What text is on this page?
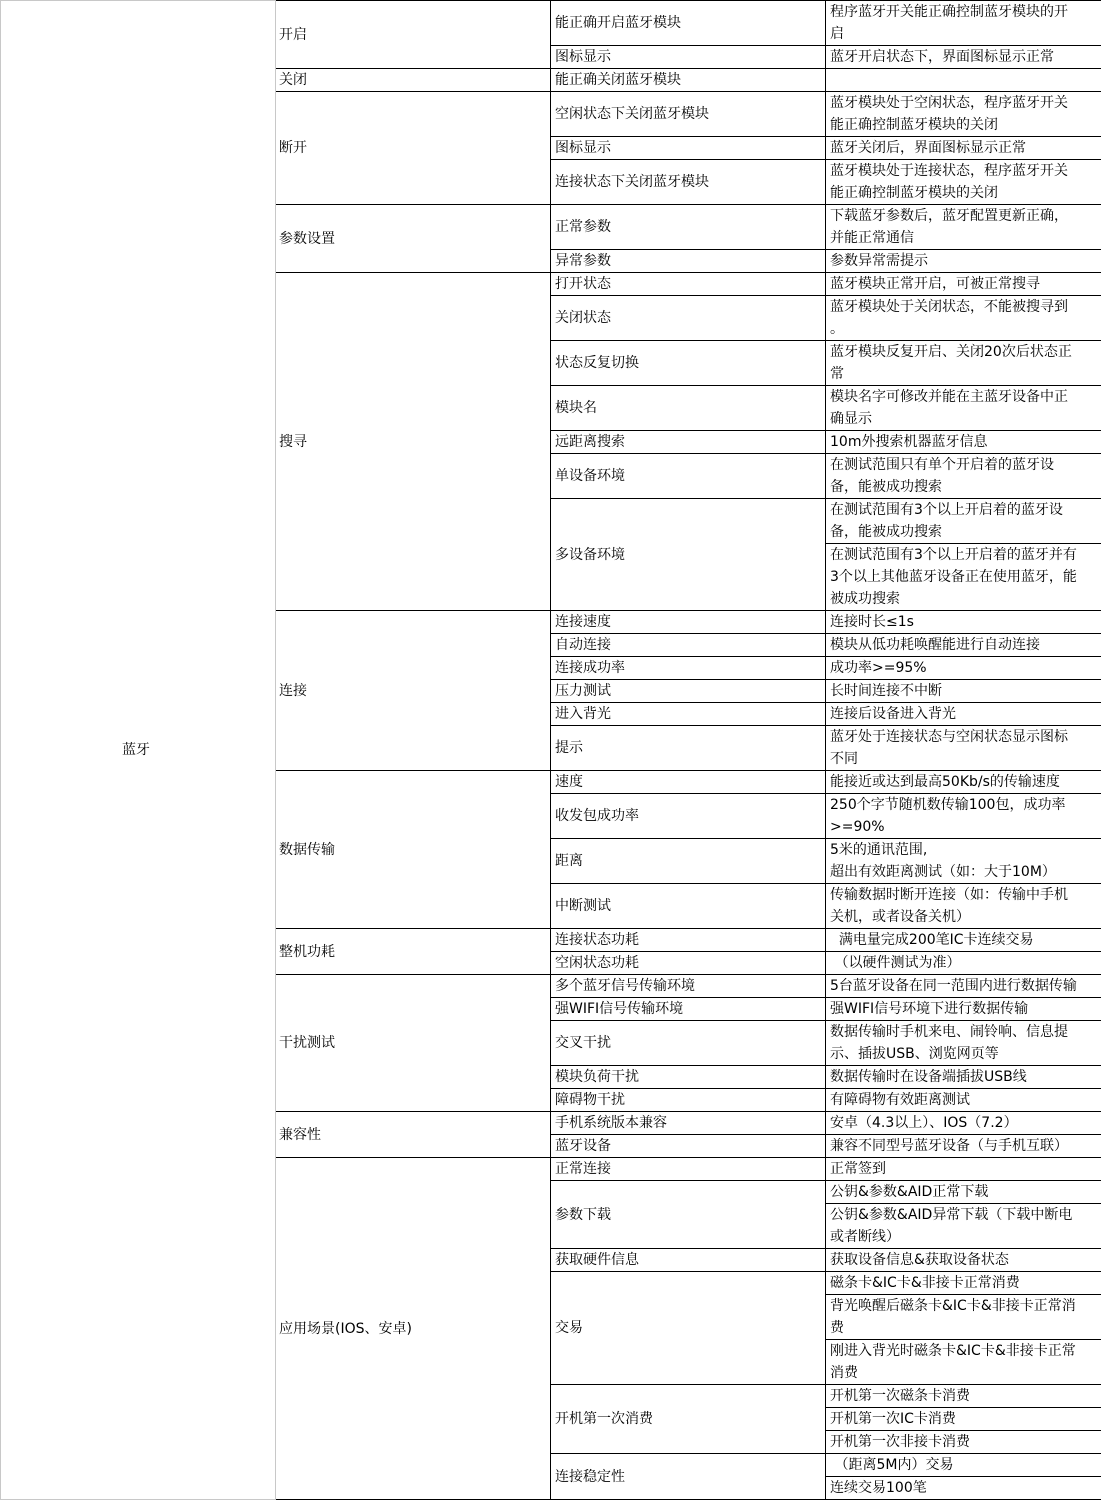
蓝牙	开启	能正确开启蓝牙模块	程序蓝牙开关能正确控制蓝牙模块的开
启
		图标显示	蓝牙开启状态下，界面图标显示正常
	关闭	能正确关闭蓝牙模块	
	断开	空闲状态下关闭蓝牙模块	蓝牙模块处于空闲状态，程序蓝牙开关
能正确控制蓝牙模块的关闭
		图标显示	蓝牙关闭后，界面图标显示正常
		连接状态下关闭蓝牙模块	蓝牙模块处于连接状态，程序蓝牙开关
能正确控制蓝牙模块的关闭
	参数设置	正常参数	下载蓝牙参数后，蓝牙配置更新正确，
并能正常通信
		异常参数	参数异常需提示
	搜寻	打开状态	蓝牙模块正常开启，可被正常搜寻
		关闭状态	蓝牙模块处于关闭状态，不能被搜寻到
。
		状态反复切换	蓝牙模块反复开启、关闭20次后状态正
常
		模块名	模块名字可修改并能在主蓝牙设备中正
确显示
		远距离搜索	10m外搜索机器蓝牙信息
		单设备环境	在测试范围只有单个开启着的蓝牙设
备，能被成功搜索
		多设备环境	在测试范围有3个以上开启着的蓝牙设
备，能被成功搜索
			在测试范围有3个以上开启着的蓝牙并有
3个以上其他蓝牙设备正在使用蓝牙，能
被成功搜索
	连接	连接速度	连接时长≤1s
		自动连接	模块从低功耗唤醒能进行自动连接
		连接成功率	成功率>=95%
		压力测试	长时间连接不中断
		进入背光	连接后设备进入背光
		提示	蓝牙处于连接状态与空闲状态显示图标
不同
	数据传输	速度	能接近或达到最高50Kb/s的传输速度
		收发包成功率	250个字节随机数传输100包，成功率
>=90%
		距离	5米的通讯范围,
超出有效距离测试（如：大于10M）
		中断测试	传输数据时断开连接（如：传输中手机
关机，或者设备关机）
	整机功耗	连接状态功耗	满电量完成200笔IC卡连续交易
		空闲状态功耗	（以硬件测试为准）
	干扰测试	多个蓝牙信号传输环境	5台蓝牙设备在同一范围内进行数据传输
		强WIFI信号传输环境	强WIFI信号环境下进行数据传输
		交叉干扰	数据传输时手机来电、闹铃响、信息提
示、插拔USB、浏览网页等
		模块负荷干扰	数据传输时在设备端插拔USB线
		障碍物干扰	有障碍物有效距离测试
	兼容性	手机系统版本兼容	安卓（4.3以上）、IOS（7.2）
		蓝牙设备	兼容不同型号蓝牙设备（与手机互联）
	应用场景(IOS、安卓)	正常连接	正常签到
		参数下载	公钥&参数&AID正常下载
			公钥&参数&AID异常下载（下载中断电
或者断线）
		获取硬件信息	获取设备信息&获取设备状态
		交易	磁条卡&IC卡&非接卡正常消费
			背光唤醒后磁条卡&IC卡&非接卡正常消
费
			刚进入背光时磁条卡&IC卡&非接卡正常
消费
		开机第一次消费	开机第一次磁条卡消费
			开机第一次IC卡消费
			开机第一次非接卡消费
		连接稳定性	（距离5M内）交易
			连续交易100笔
